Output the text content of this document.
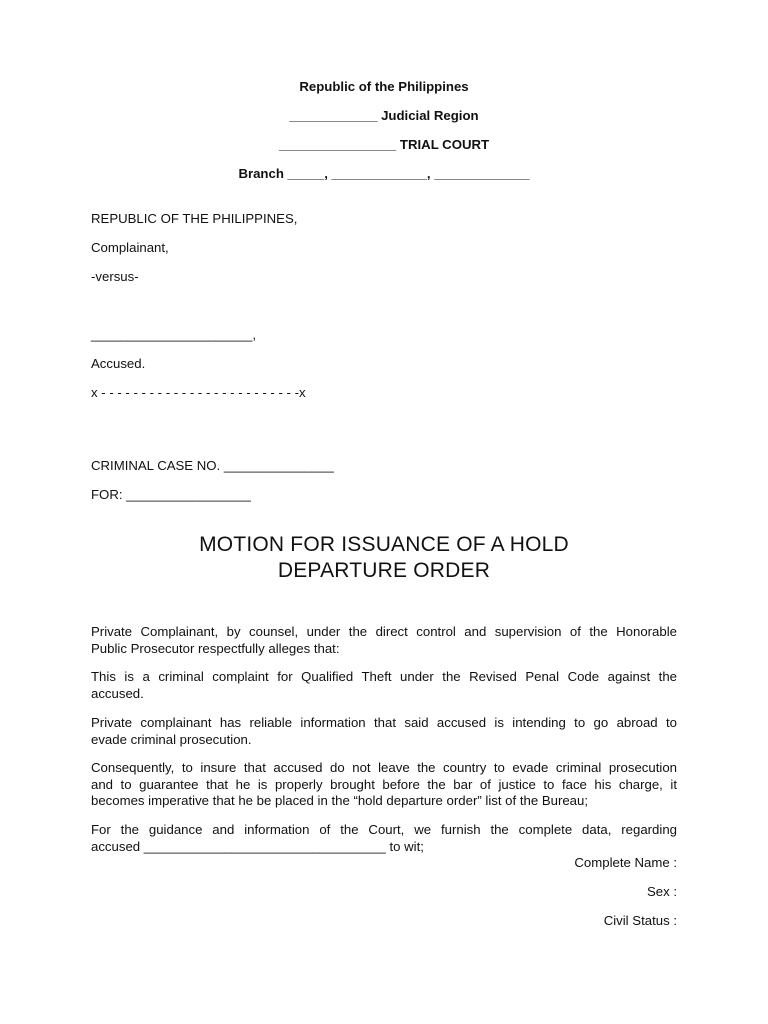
Republic of the Philippines

____________ Judicial Region

________________ TRIAL COURT

Branch _____, _____________, _____________

REPUBLIC OF THE PHILIPPINES,

Complainant,

-versus-

______________________,

Accused.

x - - - - - - - - - - - - - - - - - - - - - - - - -x

CRIMINAL CASE NO. _______________

FOR: _________________

MOTION FOR ISSUANCE OF A HOLD
DEPARTURE ORDER

Private Complainant, by counsel, under the direct control and supervision of the Honorable
Public Prosecutor respectfully alleges that:

This is a criminal complaint for Qualified Theft under the Revised Penal Code against the
accused.

Private complainant has reliable information that said accused is intending to go abroad to
evade criminal prosecution.

Consequently, to insure that accused do not leave the country to evade criminal prosecution
and to guarantee that he is properly brought before the bar of justice to face his charge, it
becomes imperative that he be placed in the “hold departure order” list of the Bureau;

For the guidance and information of the Court, we furnish the complete data, regarding
accused _________________________________ to wit;

Complete Name :

Sex :

Civil Status :
